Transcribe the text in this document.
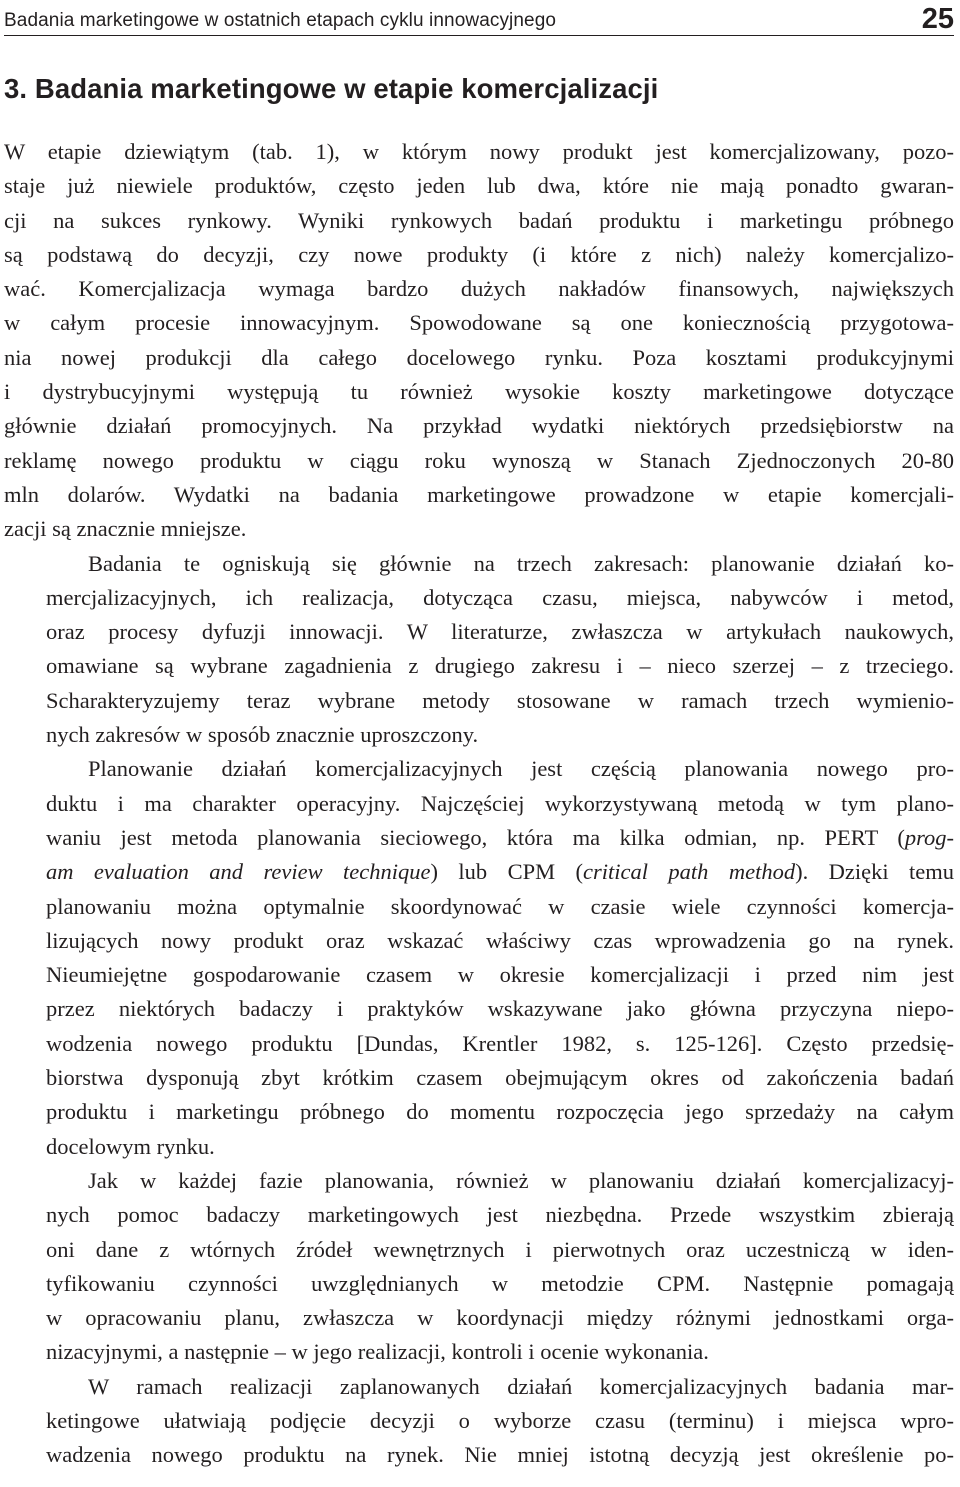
Badania marketingowe w ostatnich etapach cyklu innowacyjnego	25
3. Badania marketingowe w etapie komercjalizacji
W etapie dziewiątym (tab. 1), w którym nowy produkt jest komercjalizowany, pozo-
staje już niewiele produktów, często jeden lub dwa, które nie mają ponadto gwaran-
cji na sukces rynkowy. Wyniki rynkowych badań produktu i marketingu próbnego
są podstawą do decyzji, czy nowe produkty (i które z nich) należy komercjalizo-
wać. Komercjalizacja wymaga bardzo dużych nakładów finansowych, największych
w całym procesie innowacyjnym. Spowodowane są one koniecznością przygotowa-
nia nowej produkcji dla całego docelowego rynku. Poza kosztami produkcyjnymi
i dystrybucyjnymi występują tu również wysokie koszty marketingowe dotyczące
głównie działań promocyjnych. Na przykład wydatki niektórych przedsiębiorstw na
reklamę nowego produktu w ciągu roku wynoszą w Stanach Zjednoczonych 20-80
mln dolarów. Wydatki na badania marketingowe prowadzone w etapie komercjali-
zacji są znacznie mniejsze.
Badania te ogniskują się głównie na trzech zakresach: planowanie działań ko-
mercjalizacyjnych, ich realizacja, dotycząca czasu, miejsca, nabywców i metod,
oraz procesy dyfuzji innowacji. W literaturze, zwłaszcza w artykułach naukowych,
omawiane są wybrane zagadnienia z drugiego zakresu i – nieco szerzej – z trzeciego.
Scharakteryzujemy teraz wybrane metody stosowane w ramach trzech wymienio-
nych zakresów w sposób znacznie uproszczony.
Planowanie działań komercjalizacyjnych jest częścią planowania nowego pro-
duktu i ma charakter operacyjny. Najczęściej wykorzystywaną metodą w tym plano-
waniu jest metoda planowania sieciowego, która ma kilka odmian, np. PERT (prog-
am evaluation and review technique) lub CPM (critical path method). Dzięki temu
planowaniu można optymalnie skoordynować w czasie wiele czynności komercja-
lizujących nowy produkt oraz wskazać właściwy czas wprowadzenia go na rynek.
Nieumiejętne gospodarowanie czasem w okresie komercjalizacji i przed nim jest
przez niektórych badaczy i praktyków wskazywane jako główna przyczyna niepo-
wodzenia nowego produktu [Dundas, Krentler 1982, s. 125-126]. Często przedsię-
biorstwa dysponują zbyt krótkim czasem obejmującym okres od zakończenia badań
produktu i marketingu próbnego do momentu rozpoczęcia jego sprzedaży na całym
docelowym rynku.
Jak w każdej fazie planowania, również w planowaniu działań komercjalizacyj-
nych pomoc badaczy marketingowych jest niezbędna. Przede wszystkim zbierają
oni dane z wtórnych źródeł wewnętrznych i pierwotnych oraz uczestniczą w iden-
tyfikowaniu czynności uwzględnianych w metodzie CPM. Następnie pomagają
w opracowaniu planu, zwłaszcza w koordynacji między różnymi jednostkami orga-
nizacyjnymi, a następnie – w jego realizacji, kontroli i ocenie wykonania.
W ramach realizacji zaplanowanych działań komercjalizacyjnych badania mar-
ketingowe ułatwiają podjęcie decyzji o wyborze czasu (terminu) i miejsca wpro-
wadzenia nowego produktu na rynek. Nie mniej istotną decyzją jest określenie po-
